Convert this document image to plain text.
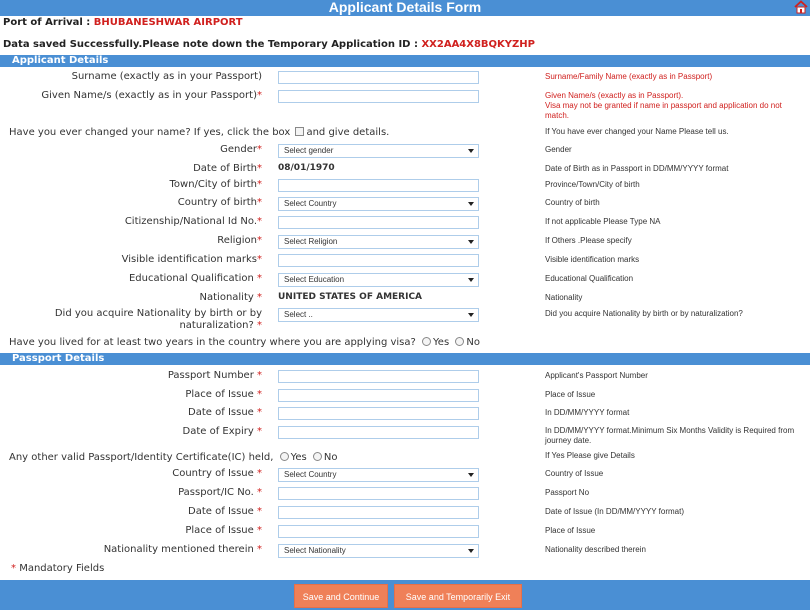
Applicant Details Form
Port of Arrival : BHUBANESHWAR AIRPORT
Data saved Successfully.Please note down the Temporary Application ID : XX2AA4X8BQKYZHP
Applicant Details
Surname (exactly as in your Passport)	Surname/Family Name (exactly as in Passport)
Given Name/s (exactly as in your Passport)*	Given Name/s (exactly as in Passport).
Visa may not be granted if name in passport and application do not match.
Have you ever changed your name? If yes, click the box and give details.	If You have ever changed your Name Please tell us.
Gender*	Select gender	Gender
Date of Birth* 08/01/1970	Date of Birth as in Passport in DD/MM/YYYY format
Town/City of birth*	Province/Town/City of birth
Country of birth*	Select Country	Country of birth
Citizenship/National Id No.*	If not applicable Please Type NA
Religion*	Select Religion	If Others .Please specify
Visible identification marks*	Visible identification marks
Educational Qualification *	Select Education	Educational Qualification
Nationality * UNITED STATES OF AMERICA	Nationality
Did you acquire Nationality by birth or by
naturalization? *
Select ..	Did you acquire Nationality by birth or by naturalization?
Have you lived for at least two years in the country where you are applying visa? Yes No
Passport Details
Passport Number *	Applicant's Passport Number
Place of Issue *	Place of Issue
Date of Issue *	In DD/MM/YYYY format
Date of Expiry *	In DD/MM/YYYY format.Minimum Six Months Validity is Required from journey date.
Any other valid Passport/Identity Certificate(IC) held, Yes No	If Yes Please give Details
Country of Issue *	Select Country	Country of Issue
Passport/IC No. *	Passport No
Date of Issue *	Date of Issue (In DD/MM/YYYY format)
Place of Issue *	Place of Issue
Nationality mentioned therein *	Select Nationality	Nationality described therein
* Mandatory Fields
Save and Continue	Save and Temporarily Exit
